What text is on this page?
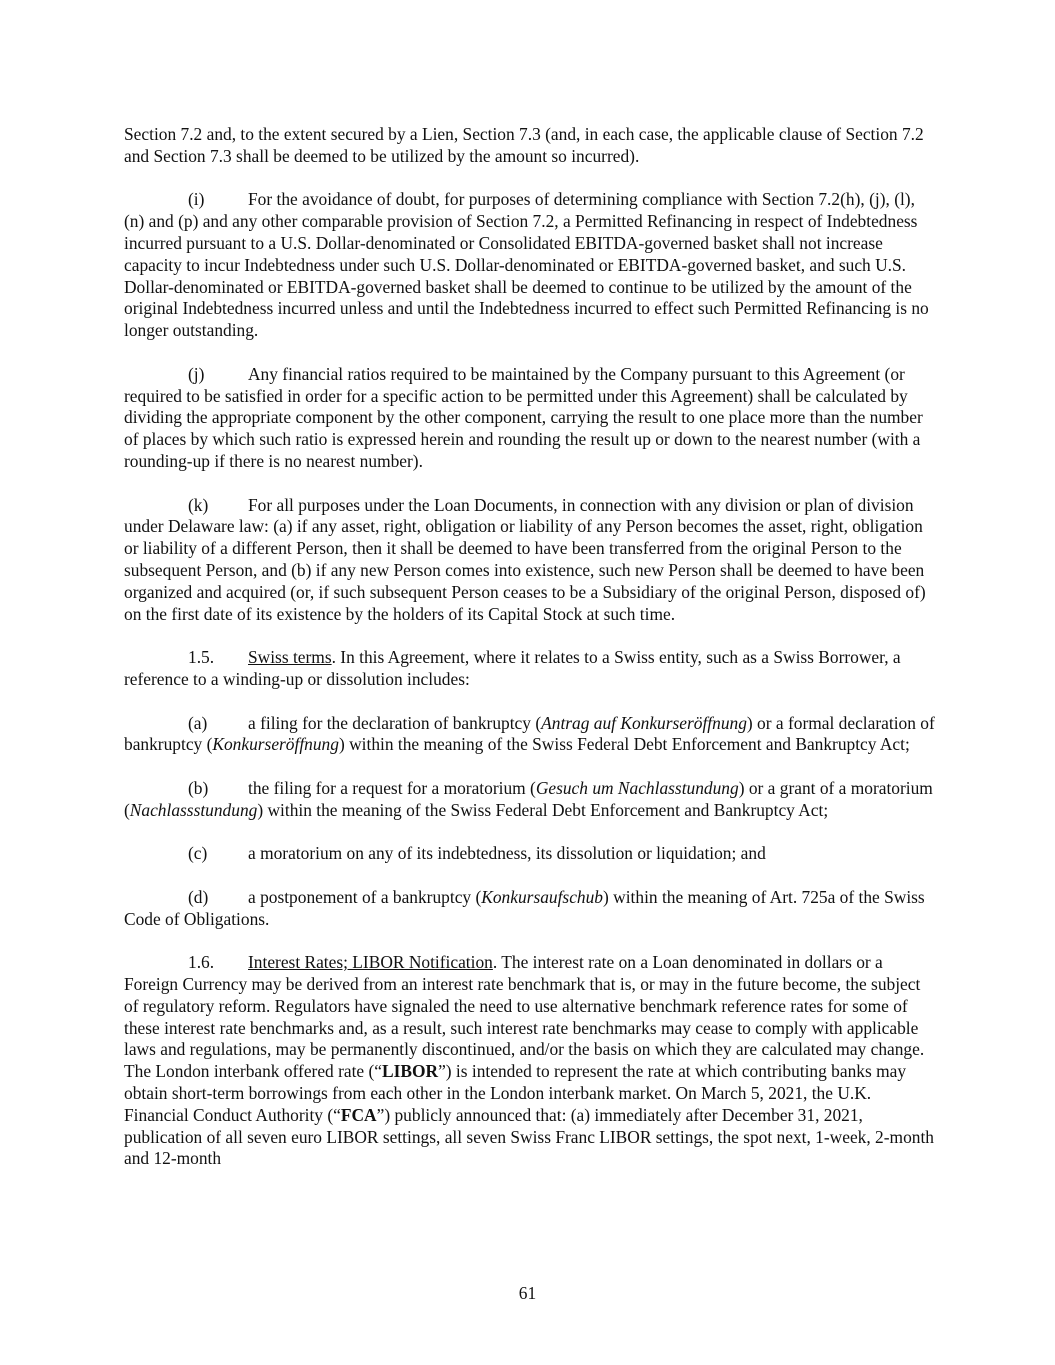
Section 7.2 and, to the extent secured by a Lien, Section 7.3 (and, in each case, the applicable clause of Section 7.2 and Section 7.3 shall be deemed to be utilized by the amount so incurred).

(i)	For the avoidance of doubt, for purposes of determining compliance with Section 7.2(h), (j), (l), (n) and (p) and any other comparable provision of Section 7.2, a Permitted Refinancing in respect of Indebtedness incurred pursuant to a U.S. Dollar-denominated or Consolidated EBITDA-governed basket shall not increase capacity to incur Indebtedness under such U.S. Dollar-denominated or EBITDA-governed basket, and such U.S. Dollar-denominated or EBITDA-governed basket shall be deemed to continue to be utilized by the amount of the original Indebtedness incurred unless and until the Indebtedness incurred to effect such Permitted Refinancing is no longer outstanding.

(j)	Any financial ratios required to be maintained by the Company pursuant to this Agreement (or required to be satisfied in order for a specific action to be permitted under this Agreement) shall be calculated by dividing the appropriate component by the other component, carrying the result to one place more than the number of places by which such ratio is expressed herein and rounding the result up or down to the nearest number (with a rounding-up if there is no nearest number).

(k) For all purposes under the Loan Documents, in connection with any division or plan of division under Delaware law: (a) if any asset, right, obligation or liability of any Person becomes the asset, right, obligation or liability of a different Person, then it shall be deemed to have been transferred from the original Person to the subsequent Person, and (b) if any new Person comes into existence, such new Person shall be deemed to have been organized and acquired (or, if such subsequent Person ceases to be a Subsidiary of the original Person, disposed of) on the first date of its existence by the holders of its Capital Stock at such time.

1.5. Swiss terms. In this Agreement, where it relates to a Swiss entity, such as a Swiss Borrower, a reference to a winding-up or dissolution includes:

(a) a filing for the declaration of bankruptcy (Antrag auf Konkurseröffnung) or a formal declaration of bankruptcy (Konkurseröffnung) within the meaning of the Swiss Federal Debt Enforcement and Bankruptcy Act;

(b) the filing for a request for a moratorium (Gesuch um Nachlasstundung) or a grant of a moratorium (Nachlassstundung) within the meaning of the Swiss Federal Debt Enforcement and Bankruptcy Act;

(c) a moratorium on any of its indebtedness, its dissolution or liquidation; and

(d) a postponement of a bankruptcy (Konkursaufschub) within the meaning of Art. 725a of the Swiss Code of Obligations.

1.6. Interest Rates; LIBOR Notification. The interest rate on a Loan denominated in dollars or a Foreign Currency may be derived from an interest rate benchmark that is, or may in the future become, the subject of regulatory reform. Regulators have signaled the need to use alternative benchmark reference rates for some of these interest rate benchmarks and, as a result, such interest rate benchmarks may cease to comply with applicable laws and regulations, may be permanently discontinued, and/or the basis on which they are calculated may change. The London interbank offered rate (“LIBOR”) is intended to represent the rate at which contributing banks may obtain short-term borrowings from each other in the London interbank market. On March 5, 2021, the U.K. Financial Conduct Authority (“FCA”) publicly announced that: (a) immediately after December 31, 2021, publication of all seven euro LIBOR settings, all seven Swiss Franc LIBOR settings, the spot next, 1-week, 2-month and 12-month

61
